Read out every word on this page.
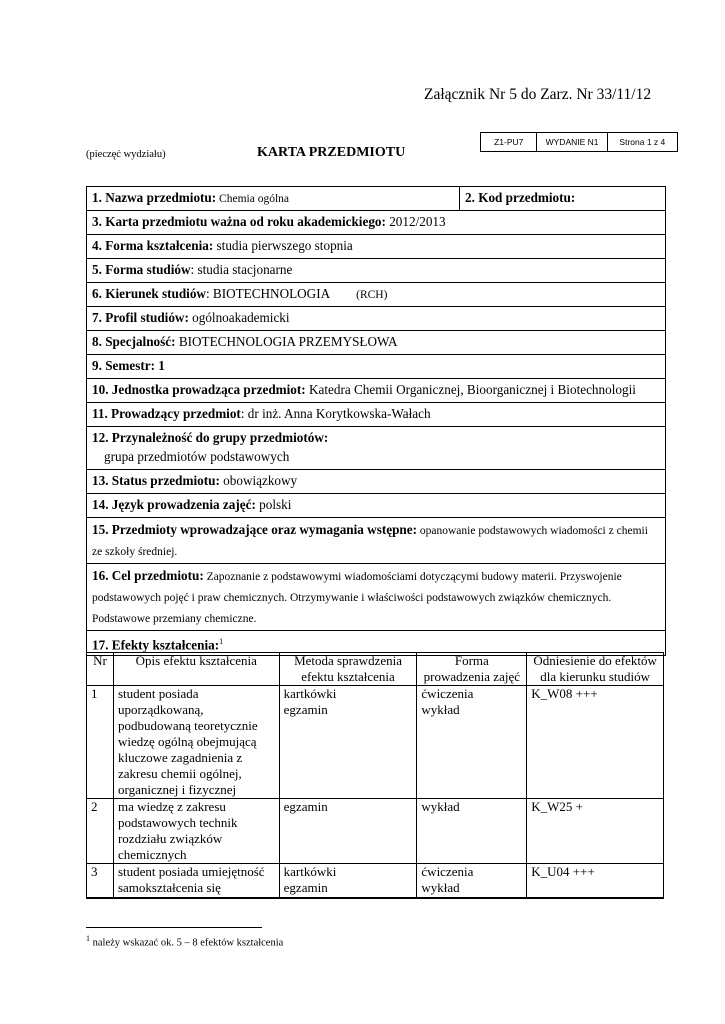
Załącznik Nr 5 do Zarz. Nr 33/11/12
Z1-PU7	WYDANIE N1	Strona 1 z 4
(pieczęć wydziału)	KARTA PRZEDMIOTU
1. Nazwa przedmiotu: Chemia ogólna	2. Kod przedmiotu:
3. Karta przedmiotu ważna od roku akademickiego: 2012/2013
4. Forma kształcenia: studia pierwszego stopnia
5. Forma studiów: studia stacjonarne
6. Kierunek studiów: BIOTECHNOLOGIA (RCH)
7. Profil studiów: ogólnoakademicki
8. Specjalność: BIOTECHNOLOGIA PRZEMYSŁOWA
9. Semestr: 1
10. Jednostka prowadząca przedmiot: Katedra Chemii Organicznej, Bioorganicznej i Biotechnologii
11. Prowadzący przedmiot: dr inż. Anna Korytkowska-Wałach
12. Przynależność do grupy przedmiotów:
grupa przedmiotów podstawowych
13. Status przedmiotu: obowiązkowy
14. Język prowadzenia zajęć: polski
15. Przedmioty wprowadzające oraz wymagania wstępne: opanowanie podstawowych wiadomości z chemii ze szkoły średniej.
16. Cel przedmiotu: Zapoznanie z podstawowymi wiadomościami dotyczącymi budowy materii. Przyswojenie podstawowych pojęć i praw chemicznych. Otrzymywanie i właściwości podstawowych związków chemicznych. Podstawowe przemiany chemiczne.
17. Efekty kształcenia:$^1$
Nr	Opis efektu kształcenia	Metoda sprawdzenia efektu kształcenia	Forma prowadzenia zajęć	Odniesienie do efektów dla kierunku studiów
1	student posiada uporządkowaną, podbudowaną teoretycznie wiedzę ogólną obejmującą kluczowe zagadnienia z zakresu chemii ogólnej, organicznej i fizycznej	kartkówki egzamin	ćwiczenia wykład	K_W08 +++
2	ma wiedzę z zakresu podstawowych technik rozdziału związków chemicznych	egzamin	wykład	K_W25 +
3	student posiada umiejętność samokształcenia się	kartkówki  egzamin	ćwiczenia wykład	K_U04 +++
$^1$ należy wskazać ok. 5 – 8 efektów kształcenia
